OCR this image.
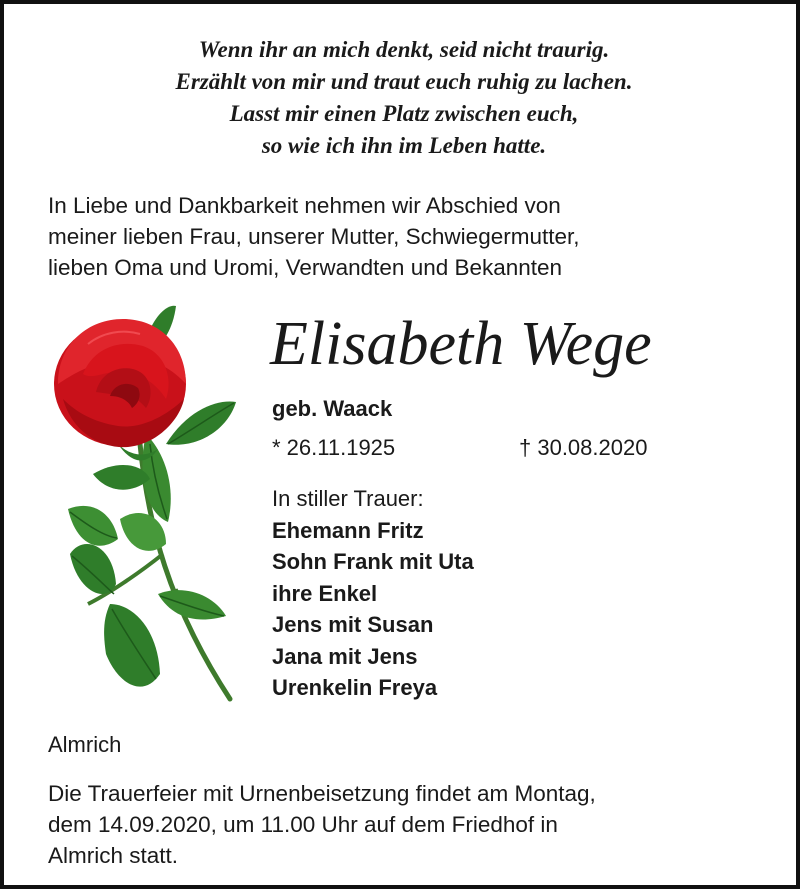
Wenn ihr an mich denkt, seid nicht traurig.
Erzählt von mir und traut euch ruhig zu lachen.
Lasst mir einen Platz zwischen euch,
so wie ich ihn im Leben hatte.
In Liebe und Dankbarkeit nehmen wir Abschied von
meiner lieben Frau, unserer Mutter, Schwiegermutter,
lieben Oma und Uromi, Verwandten und Bekannten
Elisabeth Wege
geb. Waack
* 26.11.1925	† 30.08.2020
In stiller Trauer:
Ehemann Fritz
Sohn Frank mit Uta
ihre Enkel
Jens mit Susan
Jana mit Jens
Urenkelin Freya
Almrich
Die Trauerfeier mit Urnenbeisetzung findet am Montag,
dem 14.09.2020, um 11.00 Uhr auf dem Friedhof in
Almrich statt.
